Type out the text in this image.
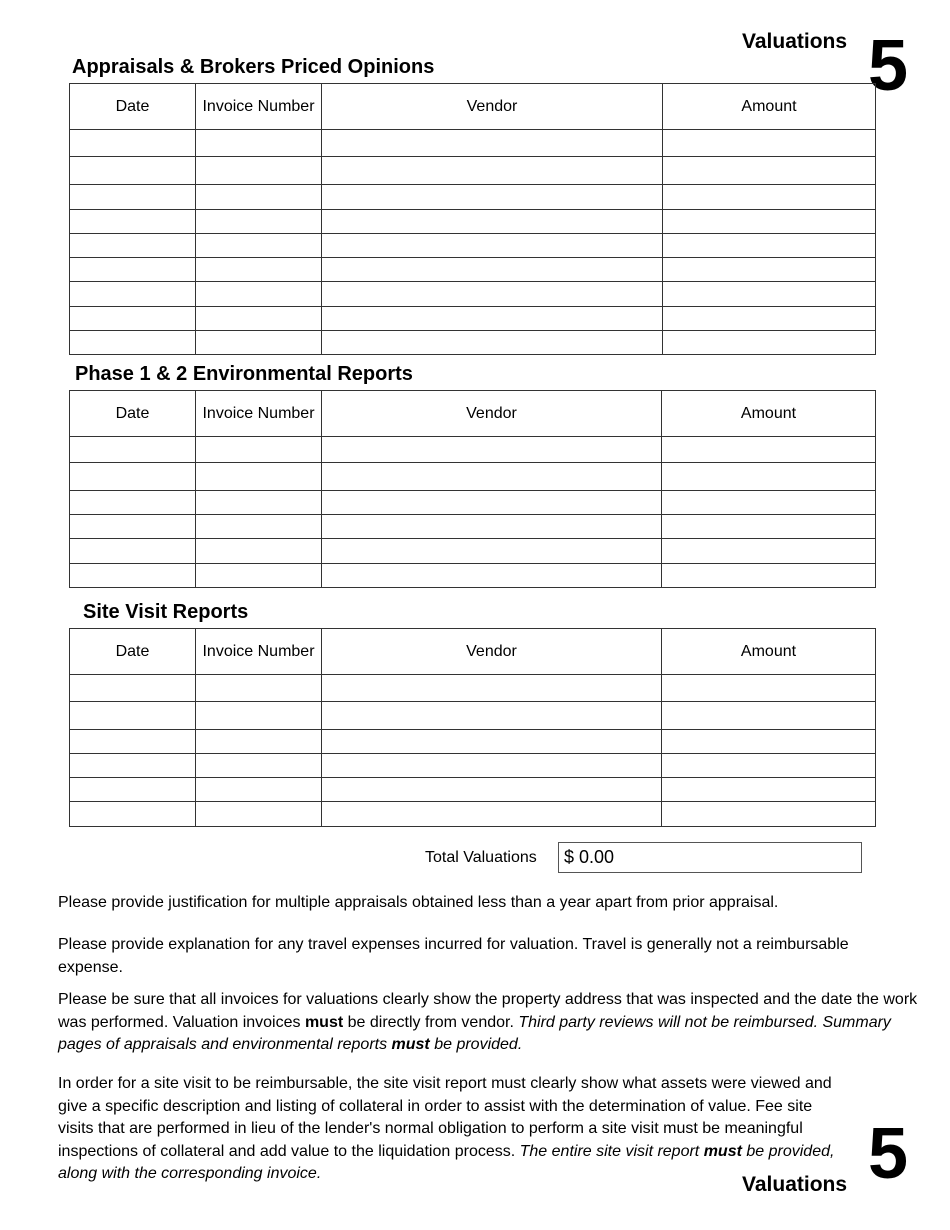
Valuations 5
Appraisals & Brokers Priced Opinions
Date	Invoice Number	Vendor	Amount

Phase 1 & 2 Environmental Reports
Date	Invoice Number	Vendor	Amount

Site Visit Reports
Date	Invoice Number	Vendor	Amount

Total Valuations	$ 0.00
Please provide justification for multiple appraisals obtained less than a year apart from prior appraisal.
Please provide explanation for any travel expenses incurred for valuation. Travel is generally not a reimbursable expense.
Please be sure that all invoices for valuations clearly show the property address that was inspected and the date the work was performed. Valuation invoices must be directly from vendor. Third party reviews will not be reimbursed. Summary pages of appraisals and environmental reports must be provided.
In order for a site visit to be reimbursable, the site visit report must clearly show what assets were viewed and give a specific description and listing of collateral in order to assist with the determination of value. Fee site visits that are performed in lieu of the lender's normal obligation to perform a site visit must be meaningful inspections of collateral and add value to the liquidation process. The entire site visit report must be provided, along with the corresponding invoice.	5
Valuations
